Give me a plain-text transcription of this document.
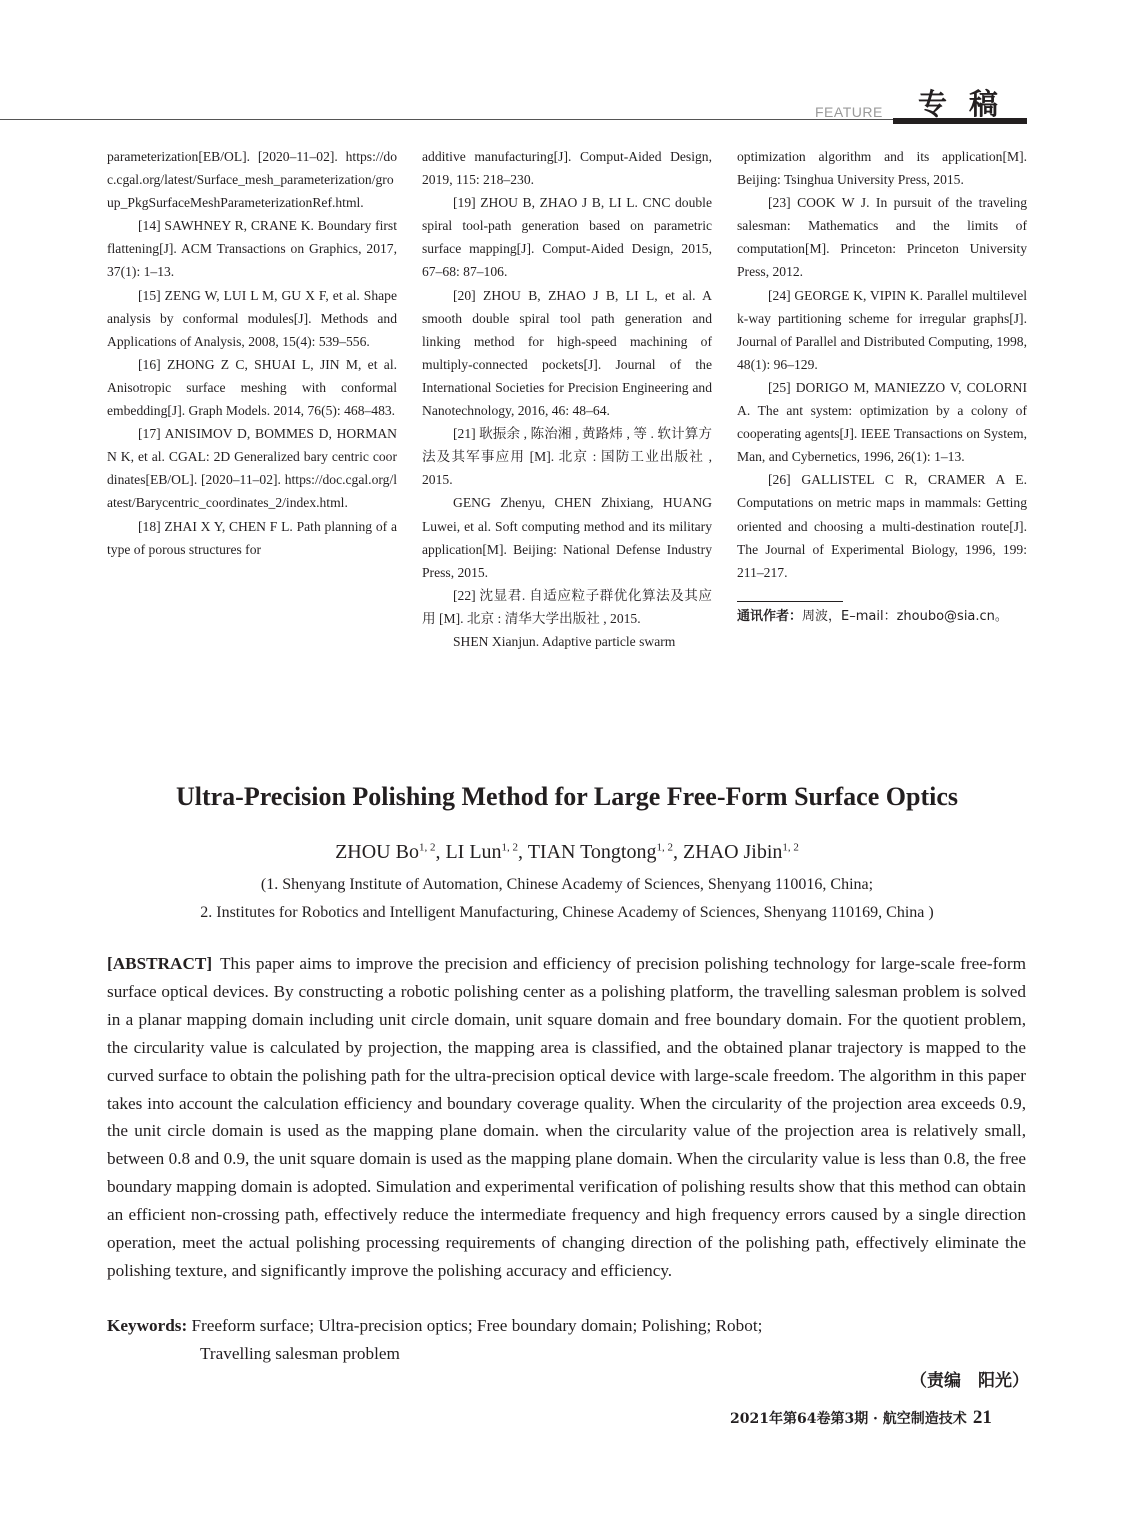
FEATURE 专稿

parameterization[EB/OL]. [2020–11–02]. https://doc.cgal.org/latest/Surface_mesh_parameterization/group_PkgSurfaceMeshParameterizationRef.html.

[14] SAWHNEY R, CRANE K. Boundary first flattening[J]. ACM Transactions on Graphics, 2017, 37(1): 1–13.

[15] ZENG W, LUI L M, GU X F, et al. Shape analysis by conformal modules[J]. Methods and Applications of Analysis, 2008, 15(4): 539–556.

[16] ZHONG Z C, SHUAI L, JIN M, et al. Anisotropic surface meshing with conformal embedding[J]. Graph Models. 2014, 76(5): 468–483.

[17] ANISIMOV D, BOMMES D, HORMANN K, et al. CGAL: 2D Generalized bary centric coordinates[EB/OL]. [2020–11–02]. https://doc.cgal.org/latest/Barycentric_coordinates_2/index.html.

[18] ZHAI X Y, CHEN F L. Path planning of a type of porous structures for

additive manufacturing[J]. Comput-Aided Design, 2019, 115: 218–230.

[19] ZHOU B, ZHAO J B, LI L. CNC double spiral tool-path generation based on parametric surface mapping[J]. Comput-Aided Design, 2015, 67–68: 87–106.

[20] ZHOU B, ZHAO J B, LI L, et al. A smooth double spiral tool path generation and linking method for high-speed machining of multiply-connected pockets[J]. Journal of the International Societies for Precision Engineering and Nanotechnology, 2016, 46: 48–64.

[21] 耿振余 , 陈治湘 , 黄路炜 , 等 . 软计算方法及其军事应用 [M]. 北京 : 国防工业出版社 , 2015.

GENG Zhenyu, CHEN Zhixiang, HUANG Luwei, et al. Soft computing method and its military application[M]. Beijing: National Defense Industry Press, 2015.

[22] 沈显君. 自适应粒子群优化算法及其应用 [M]. 北京 : 清华大学出版社 , 2015.

SHEN Xianjun. Adaptive particle swarm

optimization algorithm and its application[M]. Beijing: Tsinghua University Press, 2015.

[23] COOK W J. In pursuit of the traveling salesman: Mathematics and the limits of computation[M]. Princeton: Princeton University Press, 2012.

[24] GEORGE K, VIPIN K. Parallel multilevel k-way partitioning scheme for irregular graphs[J]. Journal of Parallel and Distributed Computing, 1998, 48(1): 96–129.

[25] DORIGO M, MANIEZZO V, COLORNI A. The ant system: optimization by a colony of cooperating agents[J]. IEEE Transactions on System, Man, and Cybernetics, 1996, 26(1): 1–13.

[26] GALLISTEL C R, CRAMER A E. Computations on metric maps in mammals: Getting oriented and choosing a multi-destination route[J]. The Journal of Experimental Biology, 1996, 199: 211–217.

通讯作者：周波，E–mail：zhoubo@sia.cn。
Ultra-Precision Polishing Method for Large Free-Form Surface Optics
ZHOU Bo$^{1, 2}$, LI Lun$^{1, 2}$, TIAN Tongtong$^{1, 2}$, ZHAO Jibin$^{1, 2}$
(1. Shenyang Institute of Automation, Chinese Academy of Sciences, Shenyang 110016, China;
2. Institutes for Robotics and Intelligent Manufacturing, Chinese Academy of Sciences, Shenyang 110169, China )

[ABSTRACT] This paper aims to improve the precision and efficiency of precision polishing technology for large-scale free-form surface optical devices. By constructing a robotic polishing center as a polishing platform, the travelling salesman problem is solved in a planar mapping domain including unit circle domain, unit square domain and free boundary domain. For the quotient problem, the circularity value is calculated by projection, the mapping area is classified, and the obtained planar trajectory is mapped to the curved surface to obtain the polishing path for the ultra-precision optical device with large-scale freedom. The algorithm in this paper takes into account the calculation efficiency and boundary coverage quality. When the circularity of the projection area exceeds 0.9, the unit circle domain is used as the mapping plane domain. when the circularity value of the projection area is relatively small, between 0.8 and 0.9, the unit square domain is used as the mapping plane domain. When the circularity value is less than 0.8, the free boundary mapping domain is adopted. Simulation and experimental verification of polishing results show that this method can obtain an efficient non-crossing path, effectively reduce the intermediate frequency and high frequency errors caused by a single direction operation, meet the actual polishing processing requirements of changing direction of the polishing path, effectively eliminate the polishing texture, and significantly improve the polishing accuracy and efficiency.

Keywords: Freeform surface; Ultra-precision optics; Free boundary domain; Polishing; Robot;
Travelling salesman problem
（责编　阳光）
2021年第64卷第3期 · 航空制造技术 21
